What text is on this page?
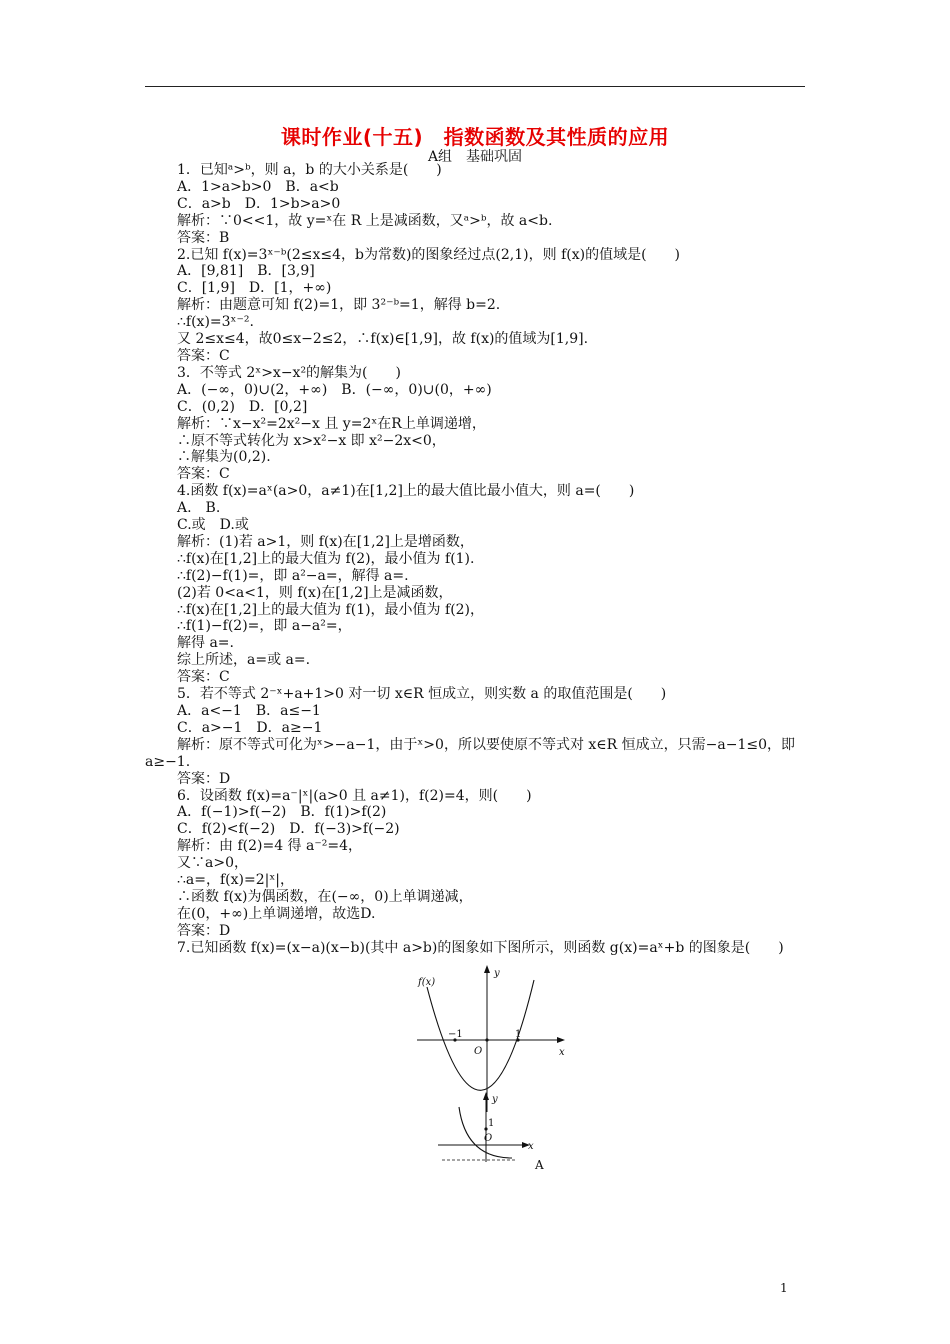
课时作业(十五)　指数函数及其性质的应用
A组　基础巩固
1．已知ᵃ>ᵇ，则 a，b 的大小关系是(　　)
A．1>a>b>0　B．a<b
C．a>b　D．1>b>a>0
解析：∵0<<1，故 y=ˣ在 R 上是减函数，又ᵃ>ᵇ，故 a<b.
答案：B
2.已知 f(x)=3ˣ⁻ᵇ(2≤x≤4，b为常数)的图象经过点(2,1)，则 f(x)的值域是(　　)
A．[9,81]　B．[3,9]
C．[1,9]　D．[1，+∞)
解析：由题意可知 f(2)=1，即 3²⁻ᵇ=1，解得 b=2.
∴f(x)=3ˣ⁻².
又 2≤x≤4，故0≤x−2≤2，∴f(x)∈[1,9]，故 f(x)的值域为[1,9].
答案：C
3．不等式 2ˣ>x−x²的解集为(　　)
A．(−∞，0)∪(2，+∞)　B．(−∞，0)∪(0，+∞)
C．(0,2)　D．[0,2]
解析：∵x−x²=2x²−x 且 y=2ˣ在R上单调递增，
∴原不等式转化为 x>x²−x 即 x²−2x<0，
∴解集为(0,2).
答案：C
4.函数 f(x)=aˣ(a>0，a≠1)在[1,2]上的最大值比最小值大，则 a=(　　)
A.　B.
C.或　D.或
解析：(1)若 a>1，则 f(x)在[1,2]上是增函数，
∴f(x)在[1,2]上的最大值为 f(2)，最小值为 f(1).
∴f(2)−f(1)=，即 a²−a=，解得 a=.
(2)若 0<a<1，则 f(x)在[1,2]上是减函数，
∴f(x)在[1,2]上的最大值为 f(1)，最小值为 f(2)，
∴f(1)−f(2)=，即 a−a²=，
解得 a=.
综上所述，a=或 a=.
答案：C
5．若不等式 2⁻ˣ+a+1>0 对一切 x∈R 恒成立，则实数 a 的取值范围是(　　)
A．a<−1　B．a≤−1
C．a>−1　D．a≥−1
解析：原不等式可化为ˣ>−a−1，由于ˣ>0，所以要使原不等式对 x∈R 恒成立，只需−a−1≤0，即 a≥−1.
答案：D
6．设函数 f(x)=a⁻|ˣ|(a>0 且 a≠1)，f(2)=4，则(　　)
A．f(−1)>f(−2)　B．f(1)>f(2)
C．f(2)<f(−2)　D．f(−3)>f(−2)
解析：由 f(2)=4 得 a⁻²=4，
又∵a>0，
∴a=，f(x)=2|ˣ|，
∴函数 f(x)为偶函数，在(−∞，0)上单调递减，
在(0，+∞)上单调递增，故选D.
答案：D
7.已知函数 f(x)=(x−a)(x−b)(其中 a>b)的图象如下图所示，则函数 g(x)=aˣ+b 的图象是(　　)
f(x)
y
x
O
−1	1
y
x
O
1
A
1
